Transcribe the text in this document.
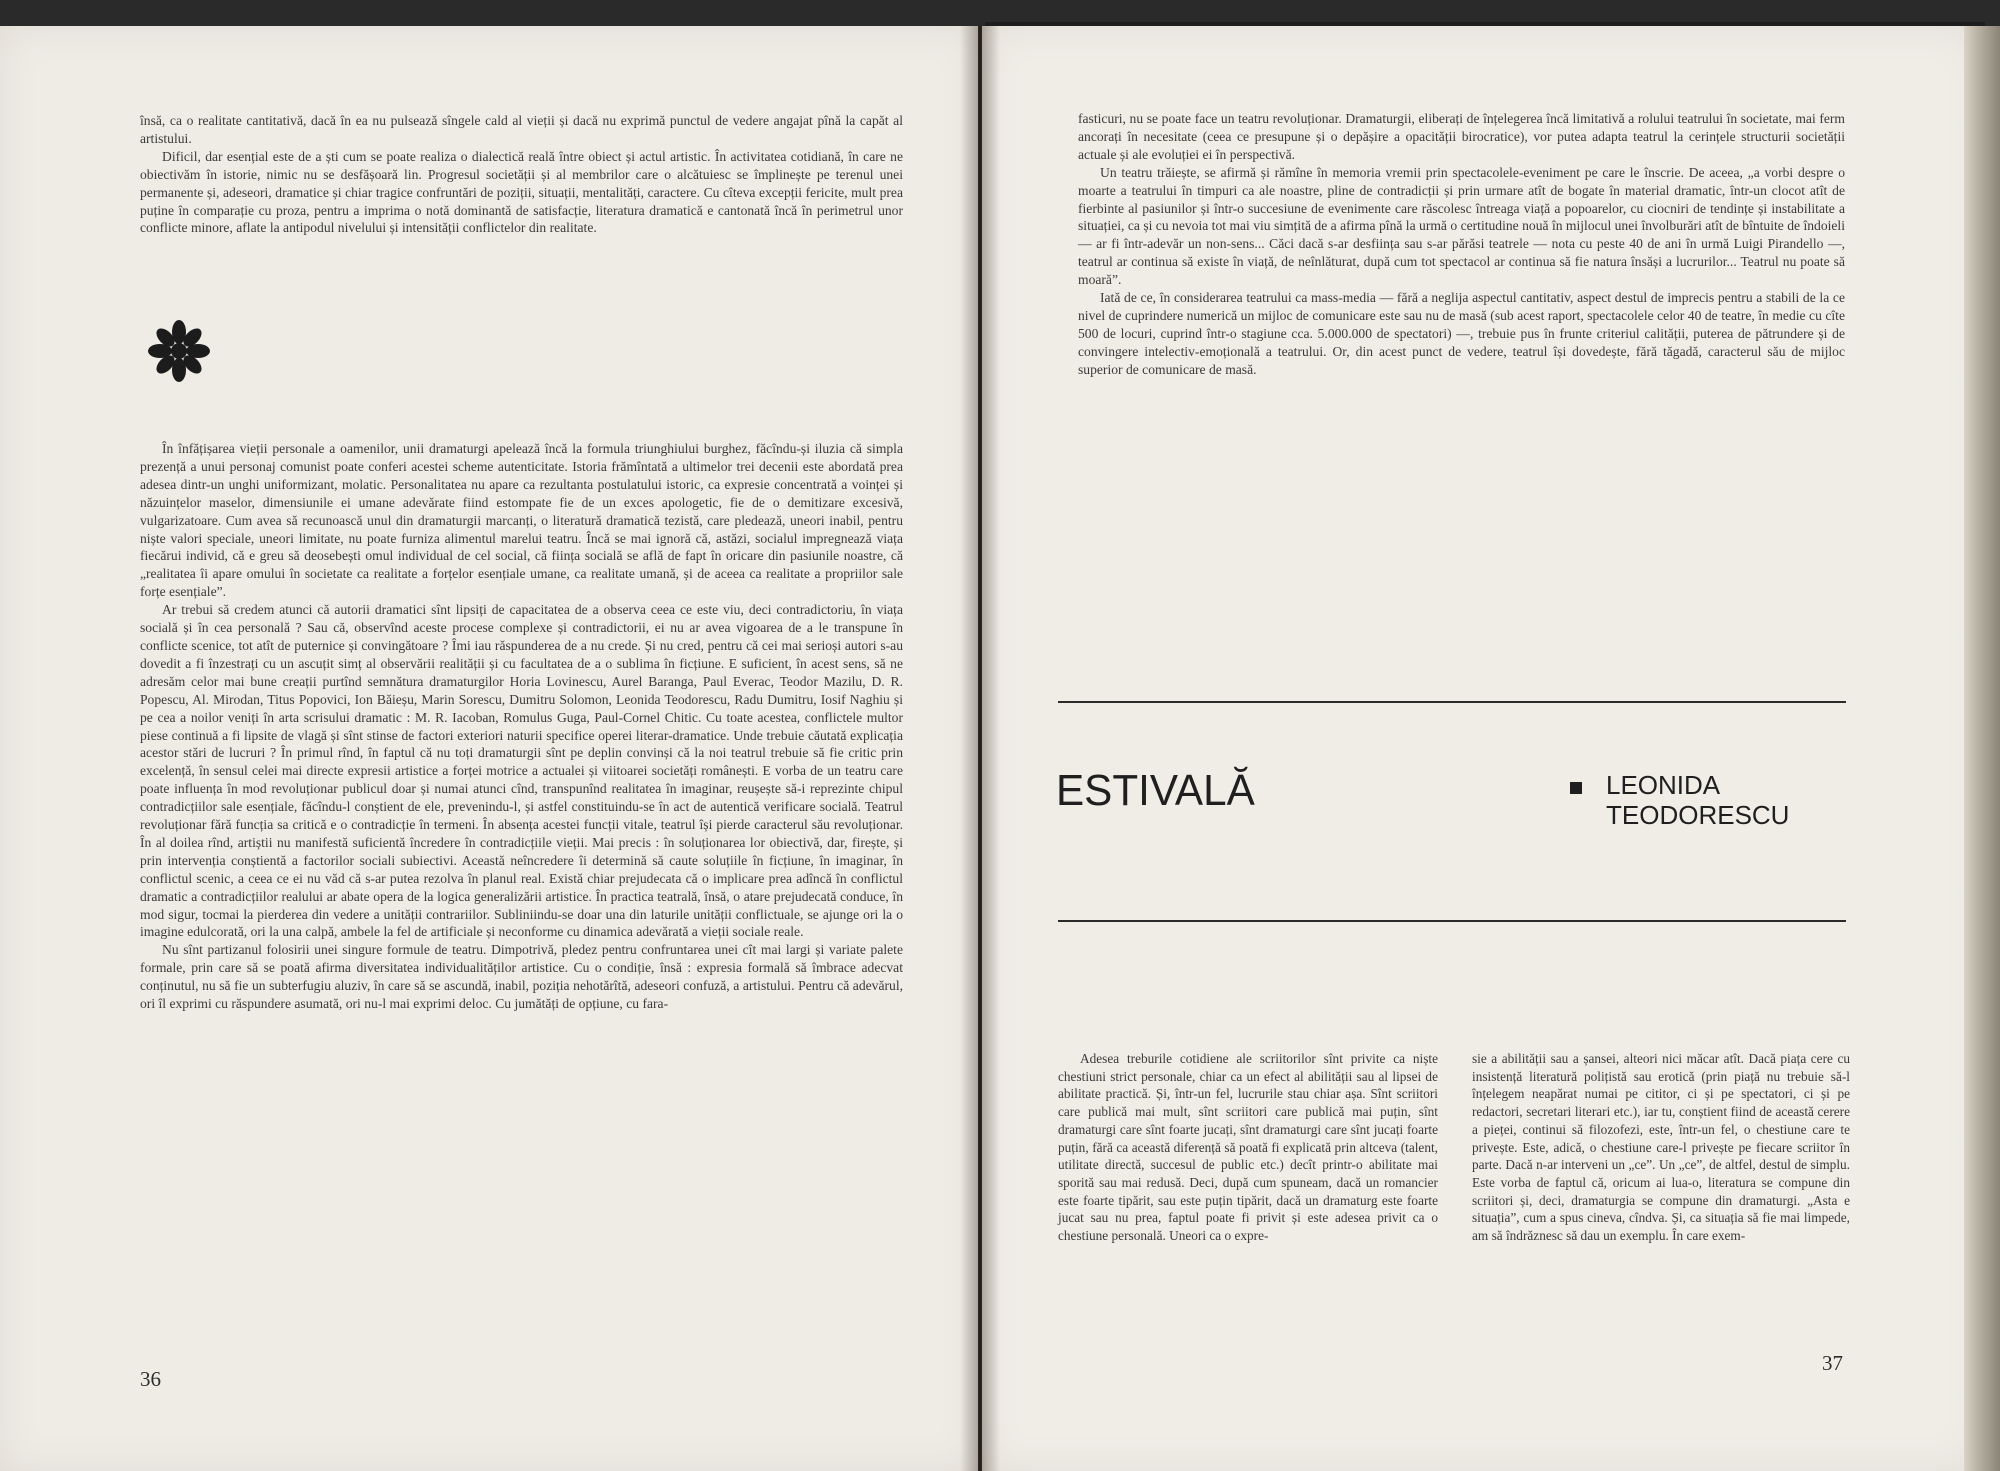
însă, ca o realitate cantitativă, dacă în ea nu pulsează sîngele cald al vieții și dacă nu exprimă punctul de vedere angajat pînă la capăt al artistului.

Dificil, dar esențial este de a ști cum se poate realiza o dialectică reală între obiect și actul artistic. În activitatea cotidiană, în care ne obiectivăm în istorie, nimic nu se desfășoară lin. Progresul societății și al membrilor care o alcătuiesc se împlinește pe terenul unei permanente și, adeseori, dramatice și chiar tragice confruntări de poziții, situații, mentalități, caractere. Cu cîteva excepții fericite, mult prea puține în comparație cu proza, pentru a imprima o notă dominantă de satisfacție, literatura dramatică e cantonată încă în perimetrul unor conflicte minore, aflate la antipodul nivelului și intensității conflictelor din realitate.

În înfățișarea vieții personale a oamenilor, unii dramaturgi apelează încă la formula triunghiului burghez, făcîndu-și iluzia că simpla prezență a unui personaj comunist poate conferi acestei scheme autenticitate. Istoria frămîntată a ultimelor trei decenii este abordată prea adesea dintr-un unghi uniformizant, molatic. Personalitatea nu apare ca rezultanta postulatului istoric, ca expresie concentrată a voinței și năzuințelor maselor, dimensiunile ei umane adevărate fiind estompate fie de un exces apologetic, fie de o demitizare excesivă, vulgarizatoare. Cum avea să recunoască unul din dramaturgii marcanți, o literatură dramatică tezistă, care pledează, uneori inabil, pentru niște valori speciale, uneori limitate, nu poate furniza alimentul marelui teatru. Încă se mai ignoră că, astăzi, socialul impregnează viața fiecărui individ, că e greu să deosebești omul individual de cel social, că ființa socială se află de fapt în oricare din pasiunile noastre, că „realitatea îi apare omului în societate ca realitate a forțelor esențiale umane, ca realitate umană, și de aceea ca realitate a propriilor sale forțe esențiale”.

Ar trebui să credem atunci că autorii dramatici sînt lipsiți de capacitatea de a observa ceea ce este viu, deci contradictoriu, în viața socială și în cea personală ? Sau că, observînd aceste procese complexe și contradictorii, ei nu ar avea vigoarea de a le transpune în conflicte scenice, tot atît de puternice și convingătoare ? Îmi iau răspunderea de a nu crede. Și nu cred, pentru că cei mai serioși autori s-au dovedit a fi înzestrați cu un ascuțit simț al observării realității și cu facultatea de a o sublima în ficțiune. E suficient, în acest sens, să ne adresăm celor mai bune creații purtînd semnătura dramaturgilor Horia Lovinescu, Aurel Baranga, Paul Everac, Teodor Mazilu, D. R. Popescu, Al. Mirodan, Titus Popovici, Ion Băieșu, Marin Sorescu, Dumitru Solomon, Leonida Teodorescu, Radu Dumitru, Iosif Naghiu și pe cea a noilor veniți în arta scrisului dramatic : M. R. Iacoban, Romulus Guga, Paul-Cornel Chitic. Cu toate acestea, conflictele multor piese continuă a fi lipsite de vlagă și sînt stinse de factori exteriori naturii specifice operei literar-dramatice. Unde trebuie căutată explicația acestor stări de lucruri ? În primul rînd, în faptul că nu toți dramaturgii sînt pe deplin convinși că la noi teatrul trebuie să fie critic prin excelență, în sensul celei mai directe expresii artistice a forței motrice a actualei și viitoarei societăți românești. E vorba de un teatru care poate influența în mod revoluționar publicul doar și numai atunci cînd, transpunînd realitatea în imaginar, reușește să-i reprezinte chipul contradicțiilor sale esențiale, făcîndu-l conștient de ele, prevenindu-l, și astfel constituindu-se în act de autentică verificare socială. Teatrul revoluționar fără funcția sa critică e o contradicție în termeni. În absența acestei funcții vitale, teatrul își pierde caracterul său revoluționar. În al doilea rînd, artiștii nu manifestă suficientă încredere în contradicțiile vieții. Mai precis : în soluționarea lor obiectivă, dar, firește, și prin intervenția conștientă a factorilor sociali subiectivi. Această neîncredere îi determină să caute soluțiile în ficțiune, în imaginar, în conflictul scenic, a ceea ce ei nu văd că s-ar putea rezolva în planul real. Există chiar prejudecata că o implicare prea adîncă în conflictul dramatic a contradicțiilor realului ar abate opera de la logica generalizării artistice. În practica teatrală, însă, o atare prejudecată conduce, în mod sigur, tocmai la pierderea din vedere a unității contrariilor. Subliniindu-se doar una din laturile unității conflictuale, se ajunge ori la o imagine edulcorată, ori la una calpă, ambele la fel de artificiale și neconforme cu dinamica adevărată a vieții sociale reale.

Nu sînt partizanul folosirii unei singure formule de teatru. Dimpotrivă, pledez pentru confruntarea unei cît mai largi și variate palete formale, prin care să se poată afirma diversitatea individualităților artistice. Cu o condiție, însă : expresia formală să îmbrace adecvat conținutul, nu să fie un subterfugiu aluziv, în care să se ascundă, inabil, poziția nehotărîtă, adeseori confuză, a artistului. Pentru că adevărul, ori îl exprimi cu răspundere asumată, ori nu-l mai exprimi deloc. Cu jumătăți de opțiune, cu fara-

36

fasticuri, nu se poate face un teatru revoluționar. Dramaturgii, eliberați de înțelegerea încă limitativă a rolului teatrului în societate, mai ferm ancorați în necesitate (ceea ce presupune și o depășire a opacității birocratice), vor putea adapta teatrul la cerințele structurii societății actuale și ale evoluției ei în perspectivă.

Un teatru trăiește, se afirmă și rămîne în memoria vremii prin spectacolele-eveniment pe care le înscrie. De aceea, „a vorbi despre o moarte a teatrului în timpuri ca ale noastre, pline de contradicții și prin urmare atît de bogate în material dramatic, într-un clocot atît de fierbinte al pasiunilor și într-o succesiune de evenimente care răscolesc întreaga viață a popoarelor, cu ciocniri de tendințe și instabilitate a situației, ca și cu nevoia tot mai viu simțită de a afirma pînă la urmă o certitudine nouă în mijlocul unei învolburări atît de bîntuite de îndoieli — ar fi într-adevăr un non-sens... Căci dacă s-ar desființa sau s-ar părăsi teatrele — nota cu peste 40 de ani în urmă Luigi Pirandello —, teatrul ar continua să existe în viață, de neînlăturat, după cum tot spectacol ar continua să fie natura însăși a lucrurilor... Teatrul nu poate să moară”.

Iată de ce, în considerarea teatrului ca mass-media — fără a neglija aspectul cantitativ, aspect destul de imprecis pentru a stabili de la ce nivel de cuprindere numerică un mijloc de comunicare este sau nu de masă (sub acest raport, spectacolele celor 40 de teatre, în medie cu cîte 500 de locuri, cuprind într-o stagiune cca. 5.000.000 de spectatori) —, trebuie pus în frunte criteriul calității, puterea de pătrundere și de convingere intelectiv-emoțională a teatrului. Or, din acest punct de vedere, teatrul își dovedește, fără tăgadă, caracterul său de mijloc superior de comunicare de masă.

ESTIVALĂ	LEONIDA
TEODORESCU

Adesea treburile cotidiene ale scriitorilor sînt privite ca niște chestiuni strict personale, chiar ca un efect al abilității sau al lipsei de abilitate practică. Și, într-un fel, lucrurile stau chiar așa. Sînt scriitori care publică mai mult, sînt scriitori care publică mai puțin, sînt dramaturgi care sînt foarte jucați, sînt dramaturgi care sînt jucați foarte puțin, fără ca această diferență să poată fi explicată prin altceva (talent, utilitate directă, succesul de public etc.) decît printr-o abilitate mai sporită sau mai redusă. Deci, după cum spuneam, dacă un romancier este foarte tipărit, sau este puțin tipărit, dacă un dramaturg este foarte jucat sau nu prea, faptul poate fi privit și este adesea privit ca o chestiune personală. Uneori ca o expre-

sie a abilității sau a șansei, alteori nici măcar atît. Dacă piața cere cu insistență literatură polițistă sau erotică (prin piață nu trebuie să-l înțelegem neapărat numai pe cititor, ci și pe spectatori, ci și pe redactori, secretari literari etc.), iar tu, conștient fiind de această cerere a pieței, continui să filozofezi, este, într-un fel, o chestiune care te privește. Este, adică, o chestiune care-l privește pe fiecare scriitor în parte. Dacă n-ar interveni un „ce”. Un „ce”, de altfel, destul de simplu. Este vorba de faptul că, oricum ai lua-o, literatura se compune din scriitori și, deci, dramaturgia se compune din dramaturgi. „Asta e situația”, cum a spus cineva, cîndva. Și, ca situația să fie mai limpede, am să îndrăznesc să dau un exemplu. În care exem-

37
